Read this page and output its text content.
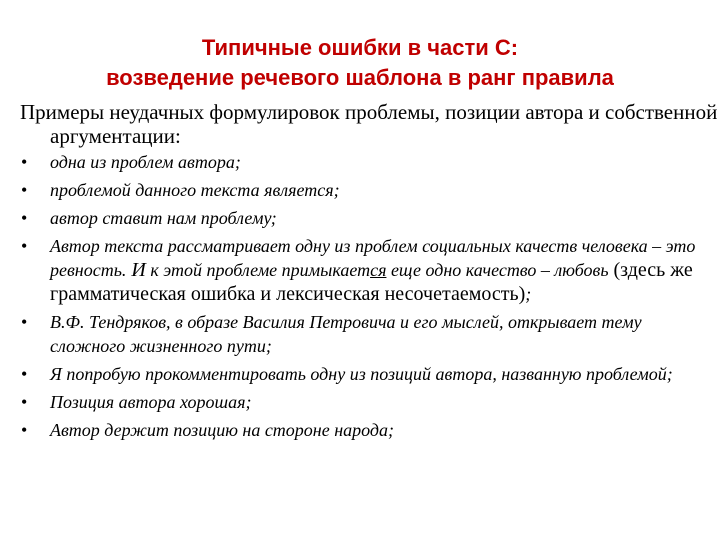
Типичные ошибки в части С:
возведение речевого шаблона в ранг правила

Примеры неудачных формулировок проблемы, позиции автора и собственной аргументации:

• одна из проблем автора;
• проблемой данного текста является;
• автор ставит нам проблему;
• Автор текста рассматривает одну из проблем социальных качеств человека – это ревность. И к этой проблеме примыкается еще одно качество – любовь (здесь же грамматическая ошибка и лексическая несочетаемость);
• В.Ф. Тендряков, в образе Василия Петровича и его мыслей, открывает тему сложного жизненного пути;
• Я попробую прокомментировать одну из позиций автора, названную проблемой;
• Позиция автора хорошая;
• Автор держит позицию на стороне народа;
